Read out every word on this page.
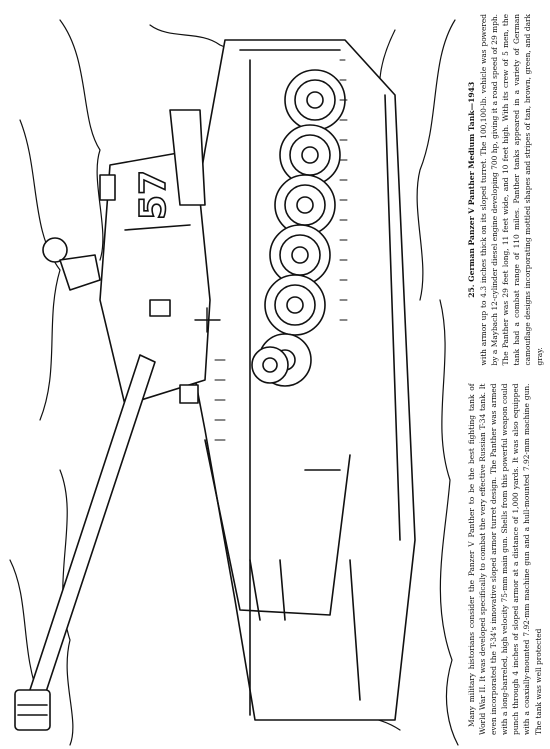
57
Many military historians consider the Panzer V Panther to be the best fighting tank of World War II. It was developed specifically to combat the very effective Russian T-34 tank. It even incorporated the T-34's innovative sloped armor turret design. The Panther was armed with a long-barreled, high velocity 75-mm main gun. Shells from this powerful weapon could punch through 4 inches of sloped armor at a distance of 1,000 yards. It was also equipped with a coaxially-mounted 7.92-mm machine gun and a hull-mounted 7.92-mm machine gun. The tank was well protected
25. German Panzer V Panther Medium Tank—1943 with armor up to 4.3 inches thick on its sloped turret. The 100,100-lb. vehicle was powered by a Maybach 12-cylinder diesel engine developing 700 hp, giving it a road speed of 29 mph. The Panther was 29 feet long, 11 feet wide, and 10 feet high. With its crew of 5 men, the tank had a combat range of 110 miles. Panther tanks appeared in a variety of German camouflage designs incorporating mottled shapes and stripes of tan, brown, green, and dark gray.
